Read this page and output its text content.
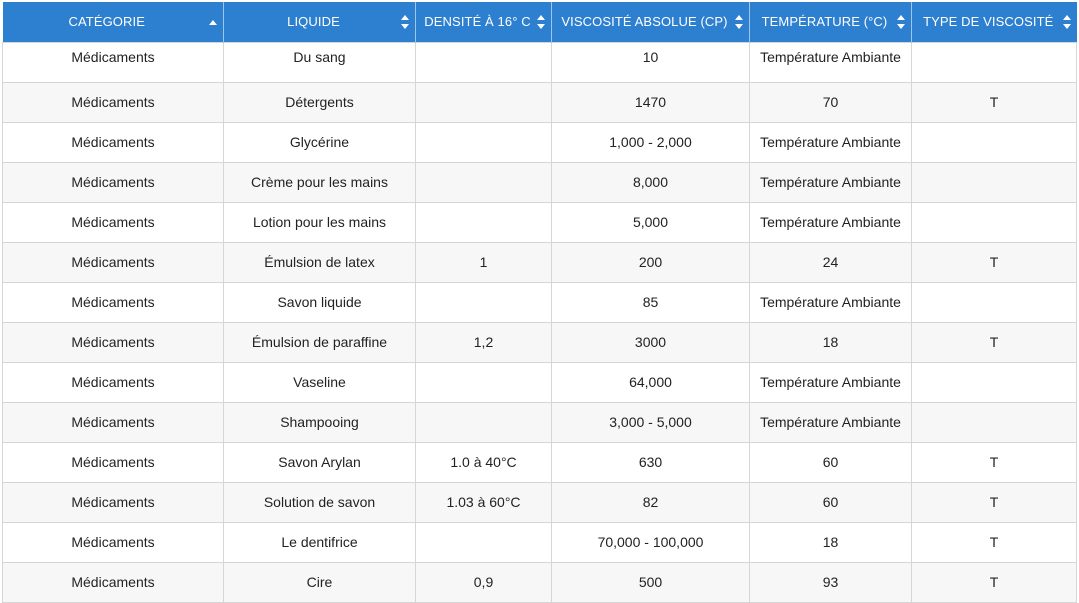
CATÉGORIE	LIQUIDE	DENSITÉ À 16° C	VISCOSITÉ ABSOLUE (CP)	TEMPÉRATURE (°C)	TYPE DE VISCOSITÉ

Médicaments	Du sang		10	Température Ambiante	
Médicaments	Détergents		1470	70	T
Médicaments	Glycérine		1,000 - 2,000	Température Ambiante	
Médicaments	Crème pour les mains		8,000	Température Ambiante	
Médicaments	Lotion pour les mains		5,000	Température Ambiante	
Médicaments	Émulsion de latex	1	200	24	T
Médicaments	Savon liquide		85	Température Ambiante	
Médicaments	Émulsion de paraffine	1,2	3000	18	T
Médicaments	Vaseline		64,000	Température Ambiante	
Médicaments	Shampooing		3,000 - 5,000	Température Ambiante	
Médicaments	Savon Arylan	1.0 à 40°C	630	60	T
Médicaments	Solution de savon	1.03 à 60°C	82	60	T
Médicaments	Le dentifrice		70,000 - 100,000	18	T
Médicaments	Cire	0,9	500	93	T
